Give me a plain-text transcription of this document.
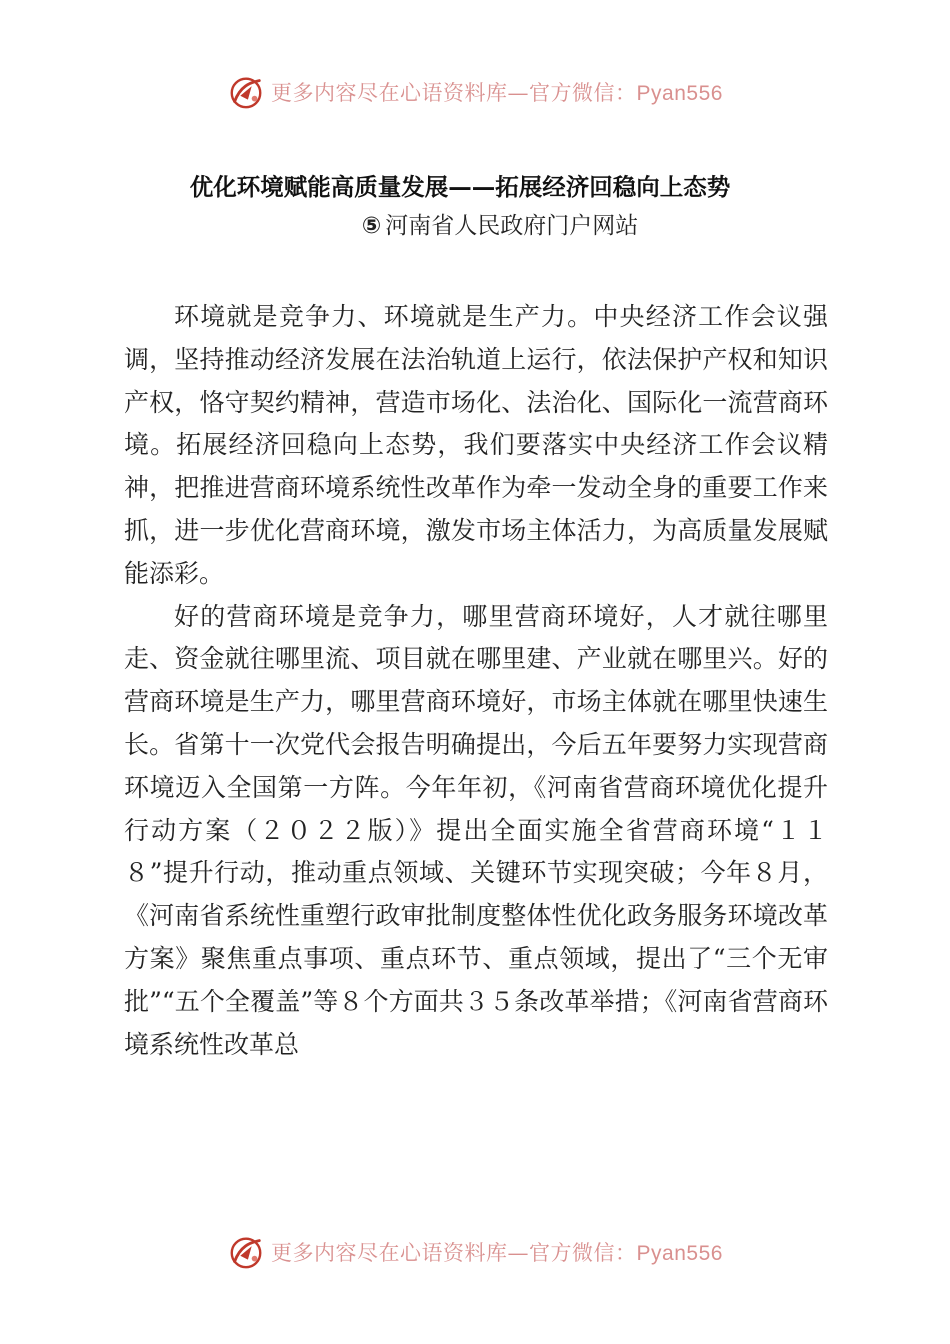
更多内容尽在心语资料库—官方微信：Pyan556
优化环境赋能高质量发展——拓展经济回稳向上态势
⑤ 河南省人民政府门户网站

环境就是竞争力、环境就是生产力。中央经济工作会议强调，坚持推动经济发展在法治轨道上运行，依法保护产权和知识产权，恪守契约精神，营造市场化、法治化、国际化一流营商环境。拓展经济回稳向上态势，我们要落实中央经济工作会议精神，把推进营商环境系统性改革作为牵一发动全身的重要工作来抓，进一步优化营商环境，激发市场主体活力，为高质量发展赋能添彩。

好的营商环境是竞争力，哪里营商环境好，人才就往哪里走、资金就往哪里流、项目就在哪里建、产业就在哪里兴。好的营商环境是生产力，哪里营商环境好，市场主体就在哪里快速生长。省第十一次党代会报告明确提出，今后五年要努力实现营商环境迈入全国第一方阵。今年年初，《河南省营商环境优化提升行动方案（２０２２版）》提出全面实施全省营商环境“１１８”提升行动，推动重点领域、关键环节实现突破；今年８月，《河南省系统性重塑行政审批制度整体性优化政务服务环境改革方案》聚焦重点事项、重点环节、重点领域，提出了“三个无审批”“五个全覆盖”等８个方面共３５条改革举措；《河南省营商环境系统性改革总

更多内容尽在心语资料库—官方微信：Pyan556
